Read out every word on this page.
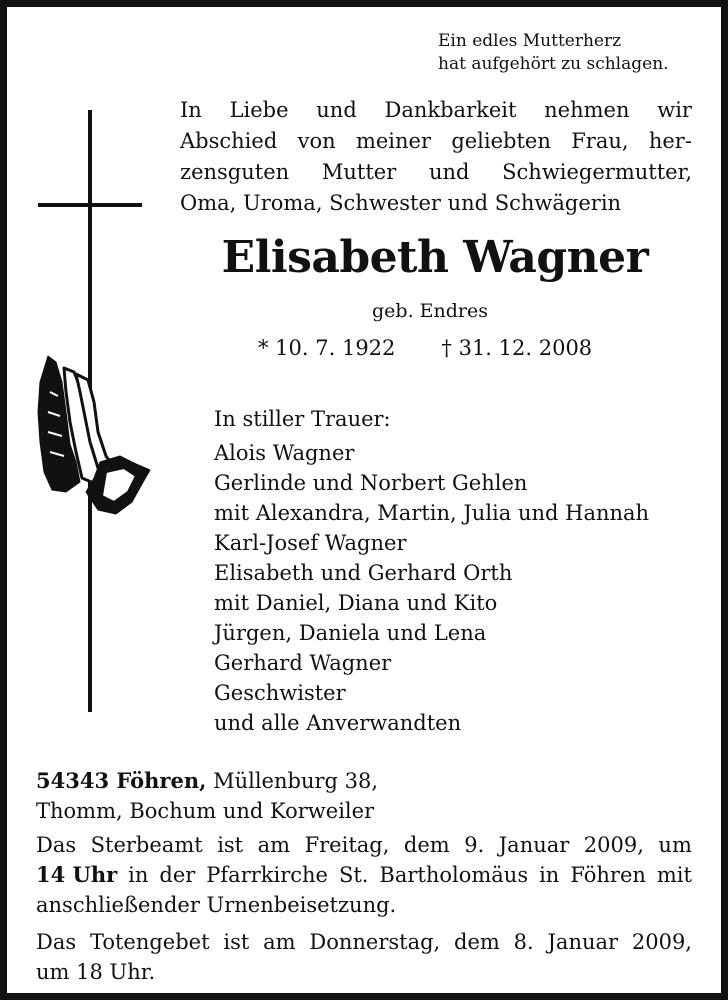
Ein edles Mutterherz
hat aufgehört zu schlagen.
In Liebe und Dankbarkeit nehmen wir
Abschied von meiner geliebten Frau, her-
zensguten Mutter und Schwiegermutter,
Oma, Uroma, Schwester und Schwägerin
Elisabeth Wagner
geb. Endres
* 10. 7. 1922 † 31. 12. 2008
In stiller Trauer:
Alois Wagner
Gerlinde und Norbert Gehlen
mit Alexandra, Martin, Julia und Hannah
Karl-Josef Wagner
Elisabeth und Gerhard Orth
mit Daniel, Diana und Kito
Jürgen, Daniela und Lena
Gerhard Wagner
Geschwister
und alle Anverwandten
54343 Föhren, Müllenburg 38,
Thomm, Bochum und Korweiler
Das Sterbeamt ist am Freitag, dem 9. Januar 2009, um
14 Uhr in der Pfarrkirche St. Bartholomäus in Föhren mit
anschließender Urnenbeisetzung.
Das Totengebet ist am Donnerstag, dem 8. Januar 2009,
um 18 Uhr.
